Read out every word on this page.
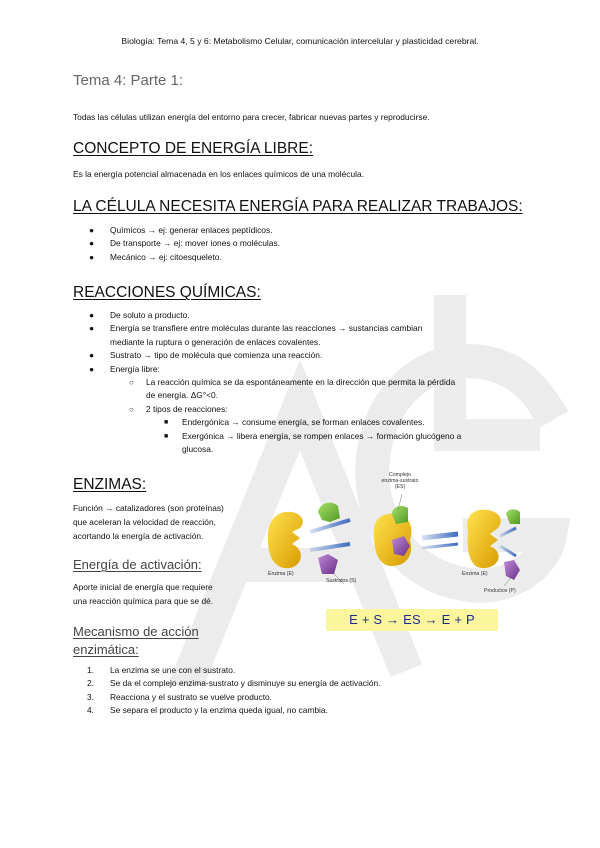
Biología: Tema 4, 5 y 6: Metabolismo Celular, comunicación intercelular y plasticidad cerebral.
Tema 4: Parte 1:
Todas las células utilizan energía del entorno para crecer, fabricar nuevas partes y reproducirse.
CONCEPTO DE ENERGÍA LIBRE:
Es la energía potencial almacenada en los enlaces químicos de una molécula.
LA CÉLULA NECESITA ENERGÍA PARA REALIZAR TRABAJOS:
● Químicos → ej: generar enlaces peptídicos.
● De transporte → ej: mover iones o moléculas.
● Mecánico → ej: citoesqueleto.
REACCIONES QUÍMICAS:
● De soluto a producto.
● Energía se transfiere entre moléculas durante las reacciones → sustancias cambian
mediante la ruptura o generación de enlaces covalentes.
● Sustrato → tipo de molécula que comienza una reacción.
● Energía libre:
○ La reacción química se da espontáneamente en la dirección que permita la pérdida
de energía. ΔG°<0.
○ 2 tipos de reacciones:
■ Endergónica → consume energía, se forman enlaces covalentes.
■ Exergónica → libera energía, se rompen enlaces → formación glucógeno a
glucosa.
ENZIMAS:
Función → catalizadores (son proteínas)
que aceleran la velocidad de reacción,
acortando la energía de activación.
Energía de activación:
Aporte inicial de energía que requiere
una reacción química para que se dé.
Mecanismo de acción
enzimática:
1. La enzima se une con el sustrato.
2. Se da el complejo enzima-sustrato y disminuye su energía de activación.
3. Reacciona y el sustrato se vuelve producto.
4. Se separa el producto y la enzima queda igual, no cambia.
Complejo
enzima-sustrato
(ES)
Enzima (E)
Sustratos (S)
Enzima (E)
Productos (P)
E + S → ES → E + P
